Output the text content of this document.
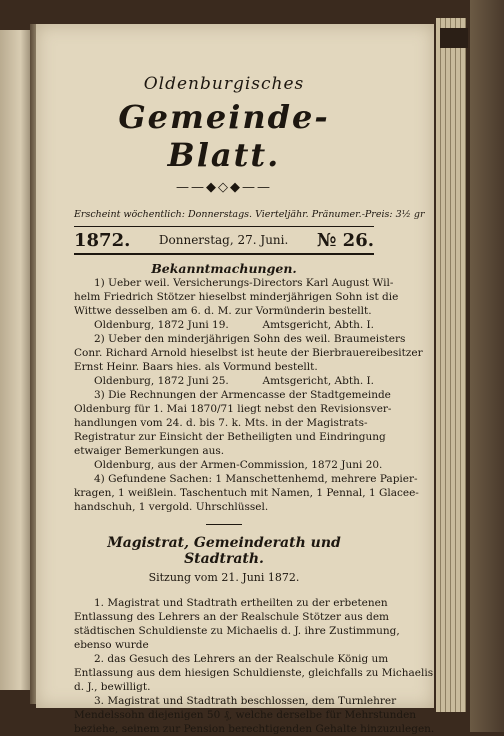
Oldenburgisches
Gemeinde-Blatt.
——◆◇◆——
Erscheint wöchentlich: Donnerstags. Vierteljähr. Pränumer.-Preis: 3½ gr
1872. Donnerstag, 27. Juni. № 26.
Bekanntmachungen.
1) Ueber weil. Versicherungs-Directors Karl August Wil-
helm Friedrich Stötzer hieselbst minderjährigen Sohn ist die
Wittwe desselben am 6. d. M. zur Vormünderin bestellt.
Oldenburg, 1872 Juni 19.	Amtsgericht, Abth. I.
2) Ueber den minderjährigen Sohn des weil. Braumeisters
Conr. Richard Arnold hieselbst ist heute der Bierbrauereibesitzer
Ernst Heinr. Baars hies. als Vormund bestellt.
Oldenburg, 1872 Juni 25.	Amtsgericht, Abth. I.
3) Die Rechnungen der Armencasse der Stadtgemeinde
Oldenburg für 1. Mai 1870/71 liegt nebst den Revisionsver-
handlungen vom 24. d. bis 7. k. Mts. in der Magistrats-
Registratur zur Einsicht der Betheiligten und Eindringung
etwaiger Bemerkungen aus.
Oldenburg, aus der Armen-Commission, 1872 Juni 20.
4) Gefundene Sachen: 1 Manschettenhemd, mehrere Papier-
kragen, 1 weißlein. Taschentuch mit Namen, 1 Pennal, 1 Glacee-
handschuh, 1 vergold. Uhrschlüssel.
Magistrat, Gemeinderath und Stadtrath.
Sitzung vom 21. Juni 1872.
1. Magistrat und Stadtrath ertheilten zu der erbetenen
Entlassung des Lehrers an der Realschule Stötzer aus dem
städtischen Schuldienste zu Michaelis d. J. ihre Zustimmung,
ebenso wurde
2. das Gesuch des Lehrers an der Realschule König um
Entlassung aus dem hiesigen Schuldienste, gleichfalls zu Michaelis
d. J., bewilligt.
3. Magistrat und Stadtrath beschlossen, dem Turnlehrer
Mendelssohn diejenigen 50 ₰, welche derselbe für Mehrstunden
beziehe, seinem zur Pension berechtigenden Gehalte hinzuzulegen.
